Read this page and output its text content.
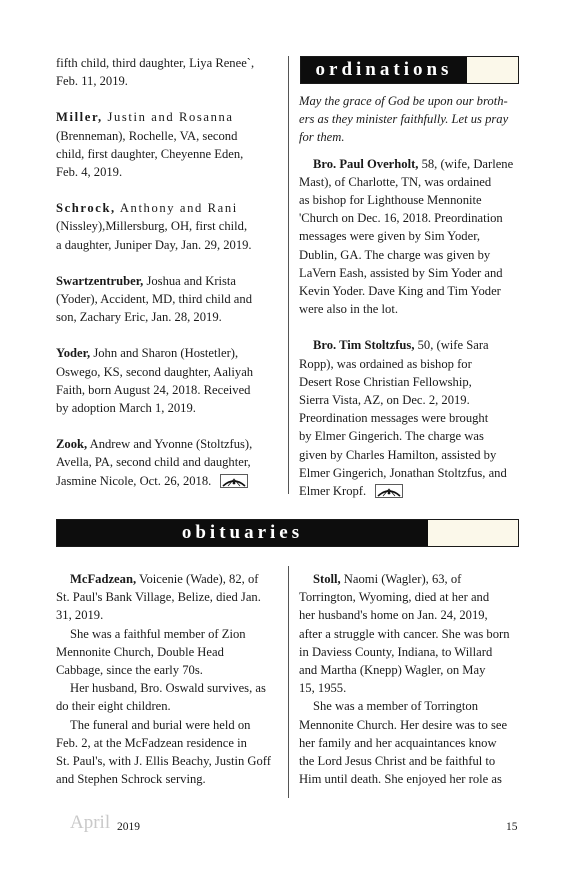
fifth child, third daughter, Liya Renee`,
Feb. 11, 2019.

Miller, Justin and Rosanna
(Brenneman), Rochelle, VA, second
child, first daughter, Cheyenne Eden,
Feb. 4, 2019.

Schrock, Anthony and Rani
(Nissley),Millersburg, OH, first child,
a daughter, Juniper Day, Jan. 29, 2019.

Swartzentruber, Joshua and Krista
(Yoder), Accident, MD, third child and
son, Zachary Eric, Jan. 28, 2019.

Yoder, John and Sharon (Hostetler),
Oswego, KS, second daughter, Aaliyah
Faith, born August 24, 2018. Received
by adoption March 1, 2019.

Zook, Andrew and Yvonne (Stoltzfus),
Avella, PA, second child and daughter,
Jasmine Nicole, Oct. 26, 2018.

ordinations

May the grace of God be upon our broth-
ers as they minister faithfully. Let us pray
for them.

Bro. Paul Overholt, 58, (wife, Darlene
Mast), of Charlotte, TN, was ordained
as bishop for Lighthouse Mennonite
'Church on Dec. 16, 2018. Preordination
messages were given by Sim Yoder,
Dublin, GA. The charge was given by
LaVern Eash, assisted by Sim Yoder and
Kevin Yoder. Dave King and Tim Yoder
were also in the lot.

Bro. Tim Stoltzfus, 50, (wife Sara
Ropp), was ordained as bishop for
Desert Rose Christian Fellowship,
Sierra Vista, AZ, on Dec. 2, 2019.
Preordination messages were brought
by Elmer Gingerich. The charge was
given by Charles Hamilton, assisted by
Elmer Gingerich, Jonathan Stoltzfus, and
Elmer Kropf.

obituaries

McFadzean, Voicenie (Wade), 82, of
St. Paul's Bank Village, Belize, died Jan.
31, 2019.

She was a faithful member of Zion
Mennonite Church, Double Head
Cabbage, since the early 70s.

Her husband, Bro. Oswald survives, as
do their eight children.

The funeral and burial were held on
Feb. 2, at the McFadzean residence in
St. Paul's, with J. Ellis Beachy, Justin Goff
and Stephen Schrock serving.

Stoll, Naomi (Wagler), 63, of
Torrington, Wyoming, died at her and
her husband's home on Jan. 24, 2019,
after a struggle with cancer. She was born
in Daviess County, Indiana, to Willard
and Martha (Knepp) Wagler, on May
15, 1955.

She was a member of Torrington
Mennonite Church. Her desire was to see
her family and her acquaintances know
the Lord Jesus Christ and be faithful to
Him until death. She enjoyed her role as

April 2019	15
